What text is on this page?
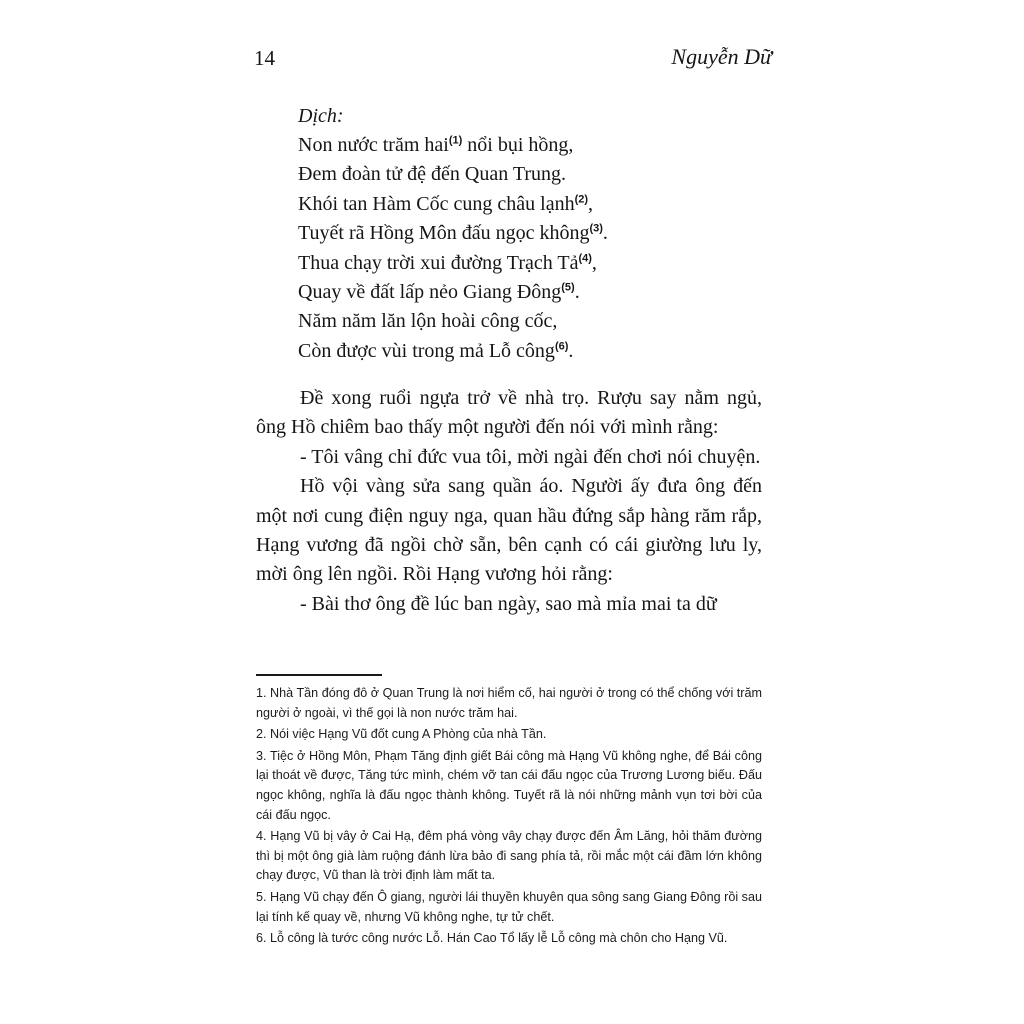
14	Nguyễn Dữ
Dịch:
Non nước trăm hai$^{(1)}$ nổi bụi hồng,
Đem đoàn tử đệ đến Quan Trung.
Khói tan Hàm Cốc cung châu lạnh$^{(2)}$,
Tuyết rã Hồng Môn đấu ngọc không$^{(3)}$.
Thua chạy trời xui đường Trạch Tả$^{(4)}$,
Quay về đất lấp nẻo Giang Đông$^{(5)}$.
Năm năm lăn lộn hoài công cốc,
Còn được vùi trong mả Lỗ công$^{(6)}$.

Đề xong ruổi ngựa trở về nhà trọ. Rượu say nằm ngủ, ông Hồ chiêm bao thấy một người đến nói với mình rằng:

- Tôi vâng chỉ đức vua tôi, mời ngài đến chơi nói chuyện.

Hồ vội vàng sửa sang quần áo. Người ấy đưa ông đến một nơi cung điện nguy nga, quan hầu đứng sắp hàng răm rắp, Hạng vương đã ngồi chờ sẵn, bên cạnh có cái giường lưu ly, mời ông lên ngồi. Rồi Hạng vương hỏi rằng:

- Bài thơ ông đề lúc ban ngày, sao mà mỉa mai ta dữ

1. Nhà Tần đóng đô ở Quan Trung là nơi hiểm cố, hai người ở trong có thể chống với trăm người ở ngoài, vì thế gọi là non nước trăm hai.

2. Nói việc Hạng Vũ đốt cung A Phòng của nhà Tần.

3. Tiệc ở Hồng Môn, Phạm Tăng định giết Bái công mà Hạng Vũ không nghe, để Bái công lại thoát về được, Tăng tức mình, chém vỡ tan cái đấu ngọc của Trương Lương biếu. Đấu ngọc không, nghĩa là đấu ngọc thành không. Tuyết rã là nói những mảnh vụn tơi bời của cái đấu ngọc.

4. Hạng Vũ bị vây ở Cai Hạ, đêm phá vòng vây chạy được đến Âm Lăng, hỏi thăm đường thì bị một ông già làm ruộng đánh lừa bảo đi sang phía tả, rồi mắc một cái đầm lớn không chạy được, Vũ than là trời định làm mất ta.

5. Hạng Vũ chạy đến Ô giang, người lái thuyền khuyên qua sông sang Giang Đông rồi sau lại tính kế quay về, nhưng Vũ không nghe, tự tử chết.

6. Lỗ công là tước công nước Lỗ. Hán Cao Tổ lấy lễ Lỗ công mà chôn cho Hạng Vũ.
